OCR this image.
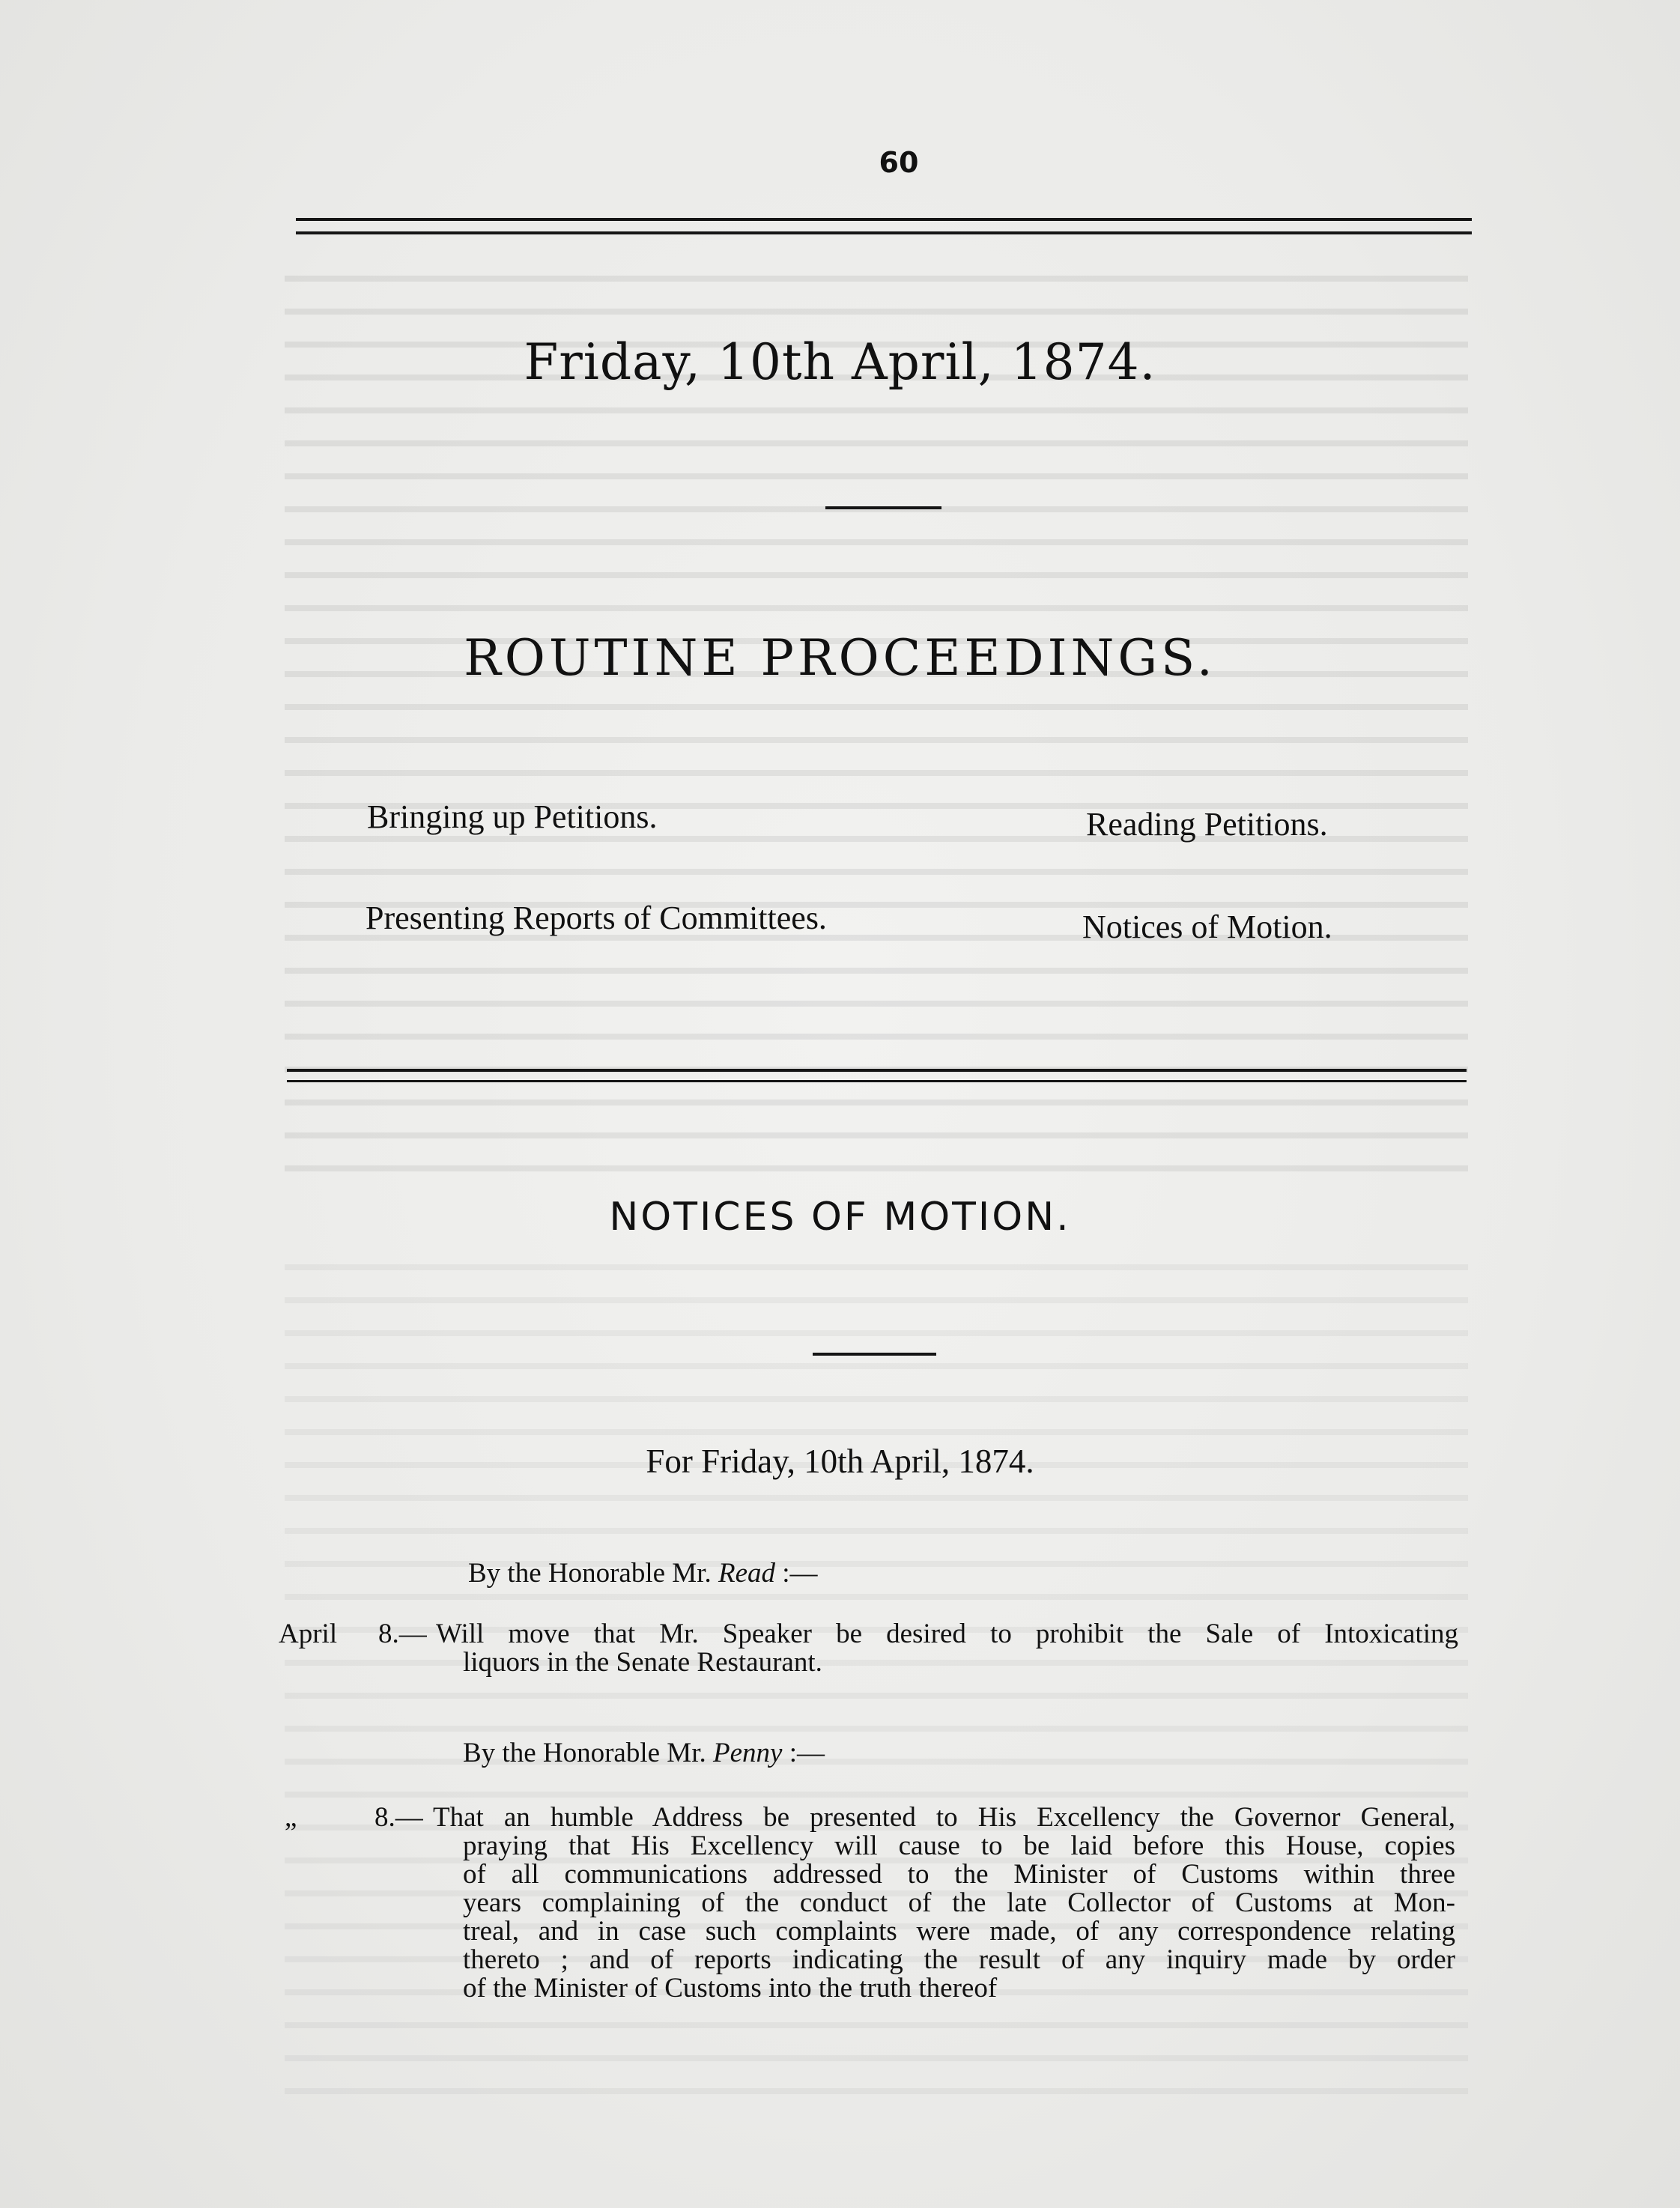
60
Friday, 10th April, 1874.
ROUTINE PROCEEDINGS.
Bringing up Petitions.	Reading Petitions.
Presenting Reports of Committees.	Notices of Motion.
NOTICES OF MOTION.
For Friday, 10th April, 1874.
By the Honorable Mr. Read :—
April 8.— Will move that Mr. Speaker be desired to prohibit the Sale of Intoxicating
liquors in the Senate Restaurant.
By the Honorable Mr. Penny :—
„	8.— That an humble Address be presented to His Excellency the Governor General,
praying that His Excellency will cause to be laid before this House, copies
of all communications addressed to the Minister of Customs within three
years complaining of the conduct of the late Collector of Customs at Mon-
treal, and in case such complaints were made, of any correspondence relating
thereto ; and of reports indicating the result of any inquiry made by order
of the Minister of Customs into the truth thereof
